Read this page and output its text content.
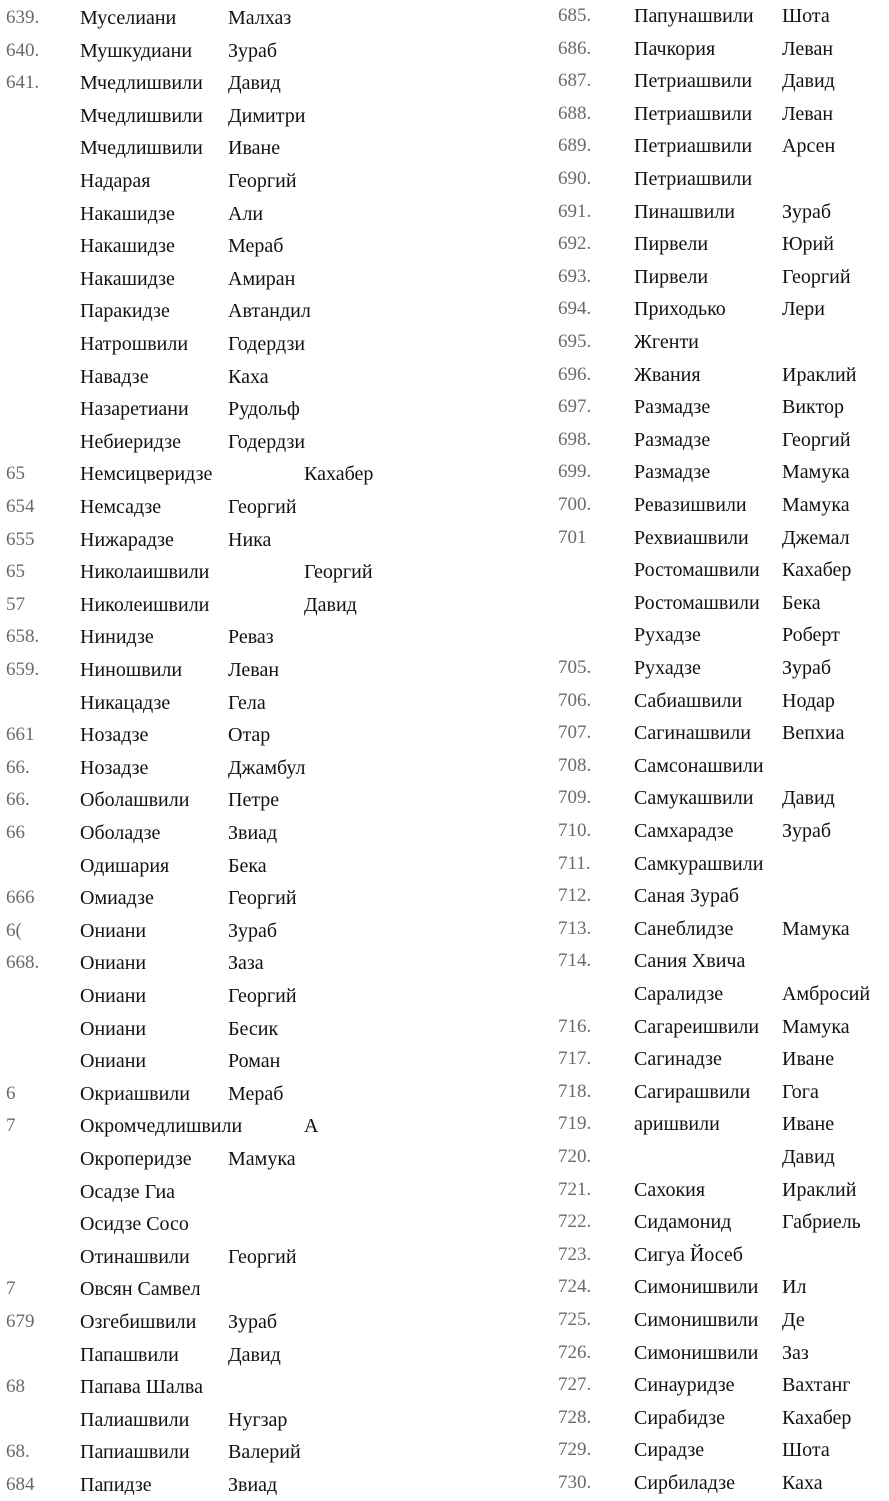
639. Муселиани	Малхаз
640. Мушкудиани Зураб
641. Мчедлишвили Давид
Мчедлишвили Димитри
Мчедлишвили Иване
Надарая	Георгий
Накашидзе	Али
Накашидзе	Мераб
Накашидзе	Амиран
Паракидзе	Автандил
Натрошвили Годердзи
Навадзе	Каха
Назаретиани Рудольф
Небиеридзе Годердзи
65	Немсицверидзе	Кахабер
654 Немсадзе	Георгий
655 Нижарадзе	Ника
65	Николаишвили	Георгий
57	Николеишвили	Давид
658. Нинидзе	Реваз
659. Ниношвили Леван
Никацадзе	Гела
661 Нозадзе	Отар
66.	Нозадзе	Джамбул
66.	Оболашвили Петре
66	Оболадзе	Звиад
Одишария	Бека
666 Омиадзе	Георгий
6(	Ониани	Зураб
668. Ониани	Заза
Ониани	Георгий
Ониани	Бесик
Ониани	Роман
6	Окриашвили Мераб
7	Окромчедлишвили	А
Окроперидзе Мамука
Осадзе Гиа
Осидзе Сосо
Отинашвили Георгий
7	Овсян Самвел
679 Озгебишвили Зураб
Папашвили Давид
68	Папава Шалва
Палиашвили Нугзар
68.	Папиашвили Валерий
684 Папидзе	Звиад
685. Папунашвили Шота
686. Пачкория	Леван
687. Петриашвили Давид
688. Петриашвили Леван
689. Петриашвили Арсен
690. Петриашвили
691. Пинашвили Зураб
692. Пирвели	Юрий
693. Пирвели	Георгий
694. Приходько	Лери
695. Жгенти
696. Жвания	Ираклий
697. Размадзе	Виктор
698. Размадзе	Георгий
699. Размадзе	Мамука
700. Ревазишвили Мамука
701 Рехвиашвили Джемал
Ростомашвили Кахабер
Ростомашвили Бека
Рухадзе	Роберт
705. Рухадзе	Зураб
706. Сабиашвили Нодар
707. Сагинашвили Вепхиа
708. Самсонашвили
709. Самукашвили Давид
710. Самхарадзе Зураб
711. Самкурашвили
712. Саная Зураб
713. Санеблидзе Мамука
714. Сания Хвича
Саралидзе	Амбросий
716. Сагареишвили Мамука
717. Сагинадзе	Иване
718. Сагирашвили Гога
719. аришвили	Иване
720.	Давид
721. Сахокия	Ираклий
722. Сидамонид	Габриель
723. Сигуа Йосеб
724. Симонишвили Ил
725. Симонишвили Де
726. Симонишвили Заз
727. Синауридзе Вахтанг
728. Сирабидзе	Кахабер
729. Сирадзе	Шота
730. Сирбиладзе Каха
